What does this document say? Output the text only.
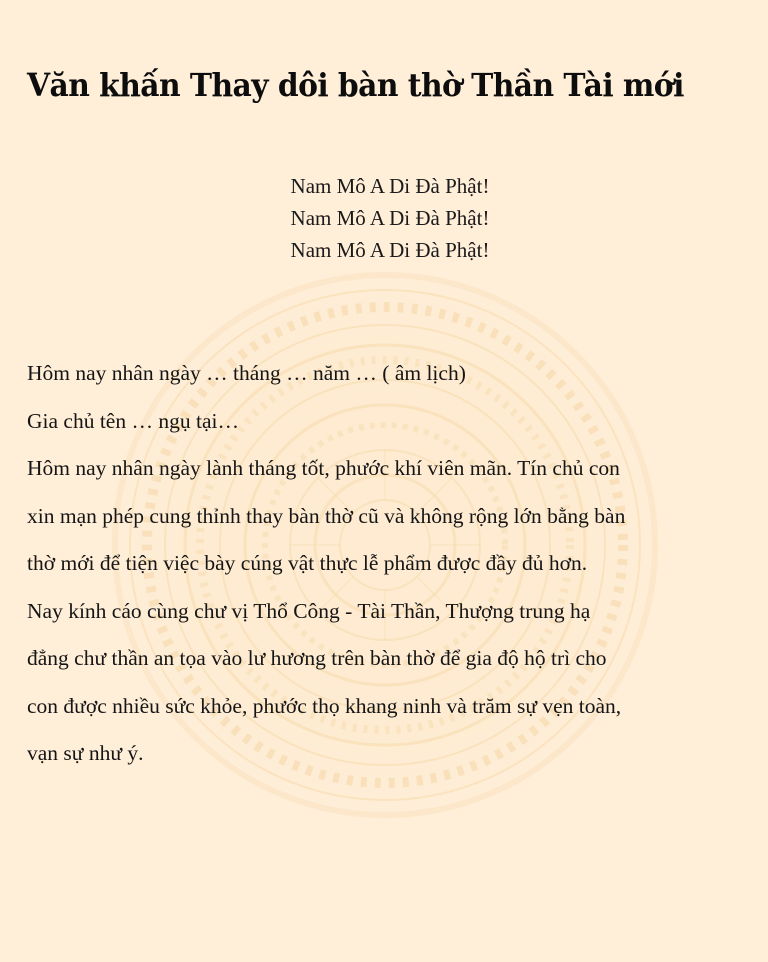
Văn khấn Thay dôi bàn thờ Thần Tài mới
Nam Mô A Di Đà Phật!
Nam Mô A Di Đà Phật!
Nam Mô A Di Đà Phật!
Hôm nay nhân ngày … tháng … năm … ( âm lịch)
Gia chủ tên … ngụ tại…
Hôm nay nhân ngày lành tháng tốt, phước khí viên mãn. Tín chủ con
xin mạn phép cung thỉnh thay bàn thờ cũ và không rộng lớn bằng bàn
thờ mới để tiện việc bày cúng vật thực lễ phẩm được đầy đủ hơn.
Nay kính cáo cùng chư vị Thổ Công - Tài Thần, Thượng trung hạ
đẳng chư thần an tọa vào lư hương trên bàn thờ để gia độ hộ trì cho
con được nhiều sức khỏe, phước thọ khang ninh và trăm sự vẹn toàn,
vạn sự như ý.
